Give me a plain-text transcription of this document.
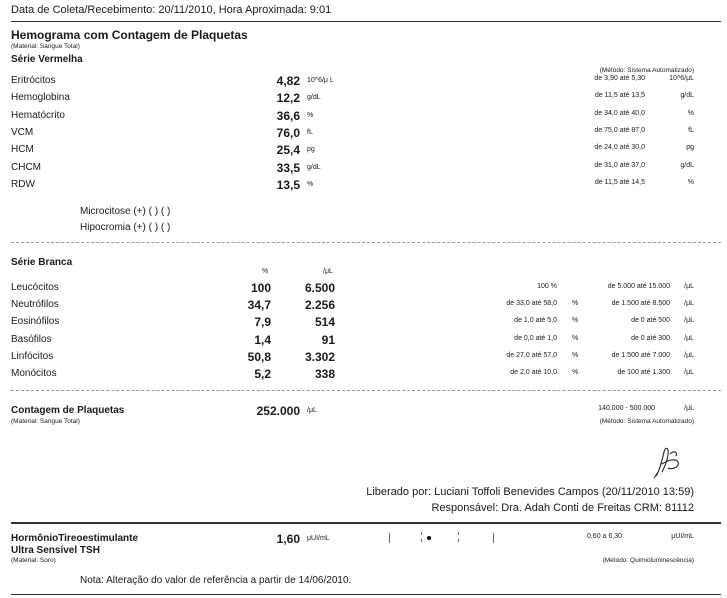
Data de Coleta/Recebimento: 20/11/2010, Hora Aproximada: 9:01
Hemograma com Contagem de Plaquetas
(Material: Sangue Total)
Série Vermelha
(Método: Sistema Automatizado)
Eritrócitos	4,82 10^6/μ L	de 3,90 até 5,30	10^6/μL
Hemoglobina	12,2 g/dL	de 11,5 até 13,5	g/dL
Hematócrito	36,6 %	de 34,0 até 40,0	%
VCM	76,0 fL	de 75,0 até 87,0	fL
HCM	25,4 pg	de 24,0 até 30,0	pg
CHCM	33,5 g/dL	de 31,0 até 37,0	g/dL
RDW	13,5 %	de 11,5 até 14,5	%
Microcitose (+) ( ) ( )
Hipocromia (+) ( ) ( )
Série Branca
%	/μL
Leucócitos	100	6.500	100 %	de 5.000 até 15.000 /μL
Neutrófilos	34,7	2.256	de 33,0 até 58,0 %	de 1.500 até 8.500 /μL
Eosinófilos	7,9	514	de 1,0 até 5,0 %	de 0 até 500 /μL
Basófilos	1,4	91	de 0,0 até 1,0 %	de 0 até 300 /μL
Linfócitos	50,8	3.302	de 27,0 até 57,0 %	de 1.500 até 7.000 /μL
Monócitos	5,2	338	de 2,0 até 10,0 %	de 100 até 1.300 /μL
Contagem de Plaquetas
(Material: Sangue Total)
252.000 /μL	140.000 - 500.000	/μL
(Método: Sistema Automatizado)
Liberado por: Luciani Toffoli Benevides Campos (20/11/2010 13:59)
Responsável: Dra. Adah Conti de Freitas CRM: 81112
HormônioTireoestimulante
Ultra Sensível TSH
(Material: Soro)
1,60 μUI/mL	0,60 a 6,30	μUI/mL
(Método: Quimioluminescência)
Nota: Alteração do valor de referência a partir de 14/06/2010.
